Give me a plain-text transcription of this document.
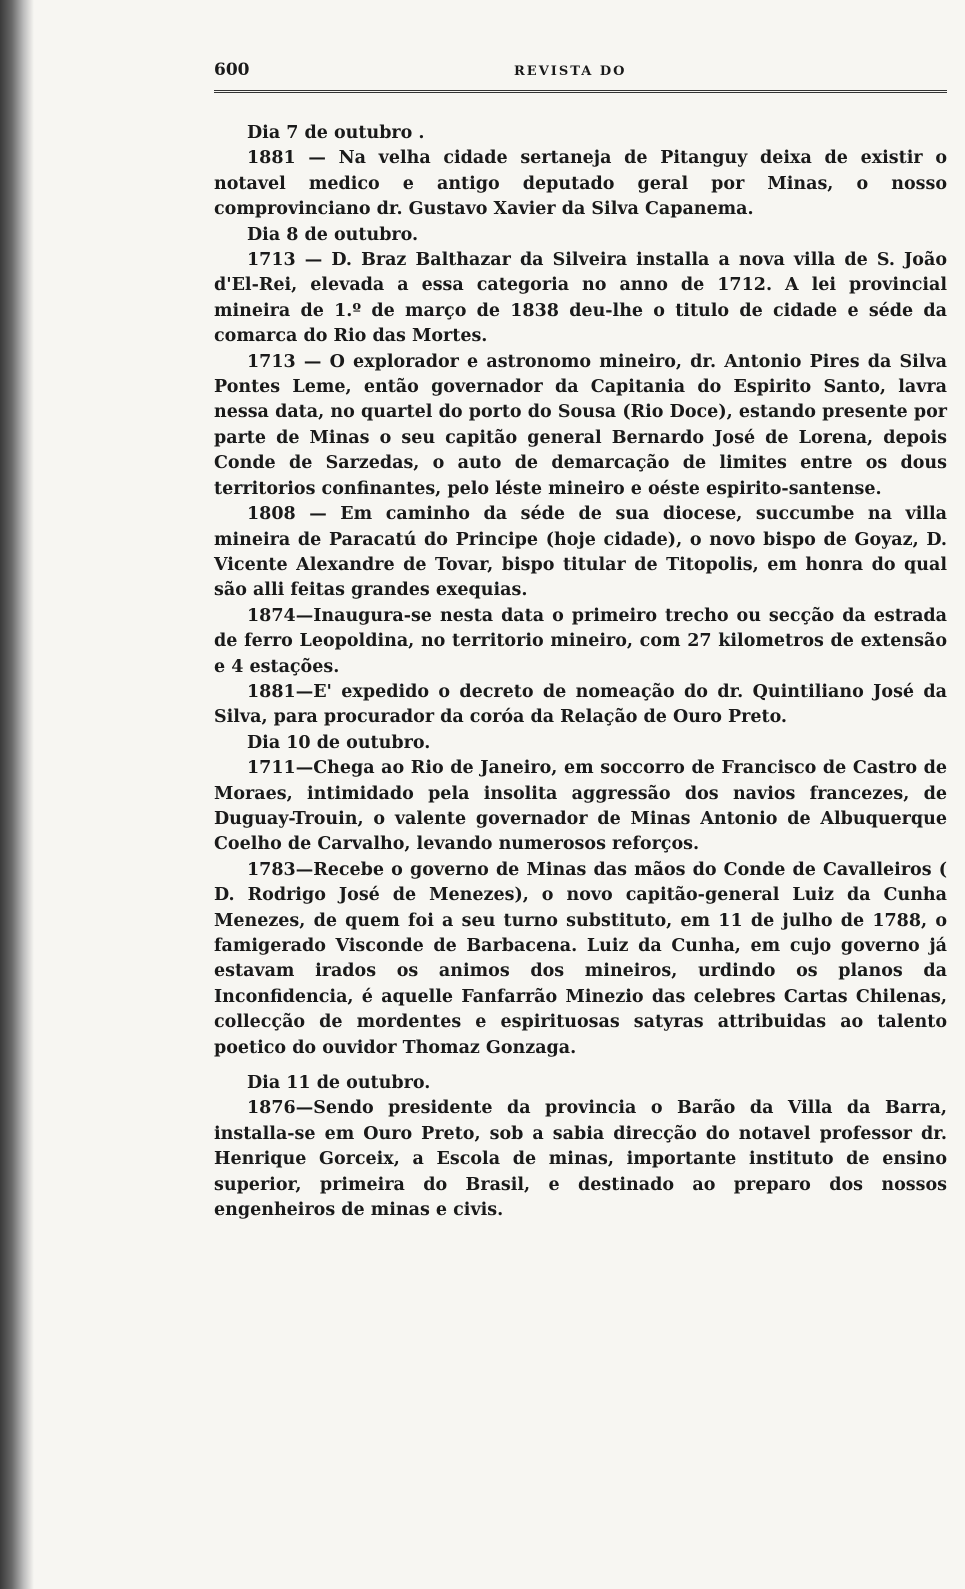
600	REVISTA DO
Dia 7 de outubro .

1881 — Na velha cidade sertaneja de Pitanguy deixa de existir o notavel medico e antigo deputado geral por Minas, o nosso comprovinciano dr. Gustavo Xavier da Silva Capanema.

Dia 8 de outubro.

1713 — D. Braz Balthazar da Silveira installa a nova villa de S. João d'El-Rei, elevada a essa categoria no anno de 1712. A lei provincial mineira de 1.º de março de 1838 deu-lhe o titulo de cidade e séde da comarca do Rio das Mortes.

1713 — O explorador e astronomo mineiro, dr. Antonio Pires da Silva Pontes Leme, então governador da Capitania do Espirito Santo, lavra nessa data, no quartel do porto do Sousa (Rio Doce), estando presente por parte de Minas o seu capitão general Bernardo José de Lorena, depois Conde de Sarzedas, o auto de demarcação de limites entre os dous territorios confinantes, pelo léste mineiro e oéste espirito-santense.

1808 — Em caminho da séde de sua diocese, succumbe na villa mineira de Paracatú do Principe (hoje cidade), o novo bispo de Goyaz, D. Vicente Alexandre de Tovar, bispo titular de Titopolis, em honra do qual são alli feitas grandes exequias.

1874—Inaugura-se nesta data o primeiro trecho ou secção da estrada de ferro Leopoldina, no territorio mineiro, com 27 kilometros de extensão e 4 estações.

1881—E' expedido o decreto de nomeação do dr. Quintiliano José da Silva, para procurador da coróa da Relação de Ouro Preto.

Dia 10 de outubro.

1711—Chega ao Rio de Janeiro, em soccorro de Francisco de Castro de Moraes, intimidado pela insolita aggressão dos navios francezes, de Duguay-Trouin, o valente governador de Minas Antonio de Albuquerque Coelho de Carvalho, levando numerosos reforços.

1783—Recebe o governo de Minas das mãos do Conde de Cavalleiros ( D. Rodrigo José de Menezes), o novo capitão-general Luiz da Cunha Menezes, de quem foi a seu turno substituto, em 11 de julho de 1788, o famigerado Visconde de Barbacena. Luiz da Cunha, em cujo governo já estavam irados os animos dos mineiros, urdindo os planos da Inconfidencia, é aquelle Fanfarrão Minezio das celebres Cartas Chilenas, collecção de mordentes e espirituosas satyras attribuidas ao talento poetico do ouvidor Thomaz Gonzaga.

Dia 11 de outubro.

1876—Sendo presidente da provincia o Barão da Villa da Barra, installa-se em Ouro Preto, sob a sabia direcção do notavel professor dr. Henrique Gorceix, a Escola de minas, importante instituto de ensino superior, primeira do Brasil, e destinado ao preparo dos nossos engenheiros de minas e civis.
